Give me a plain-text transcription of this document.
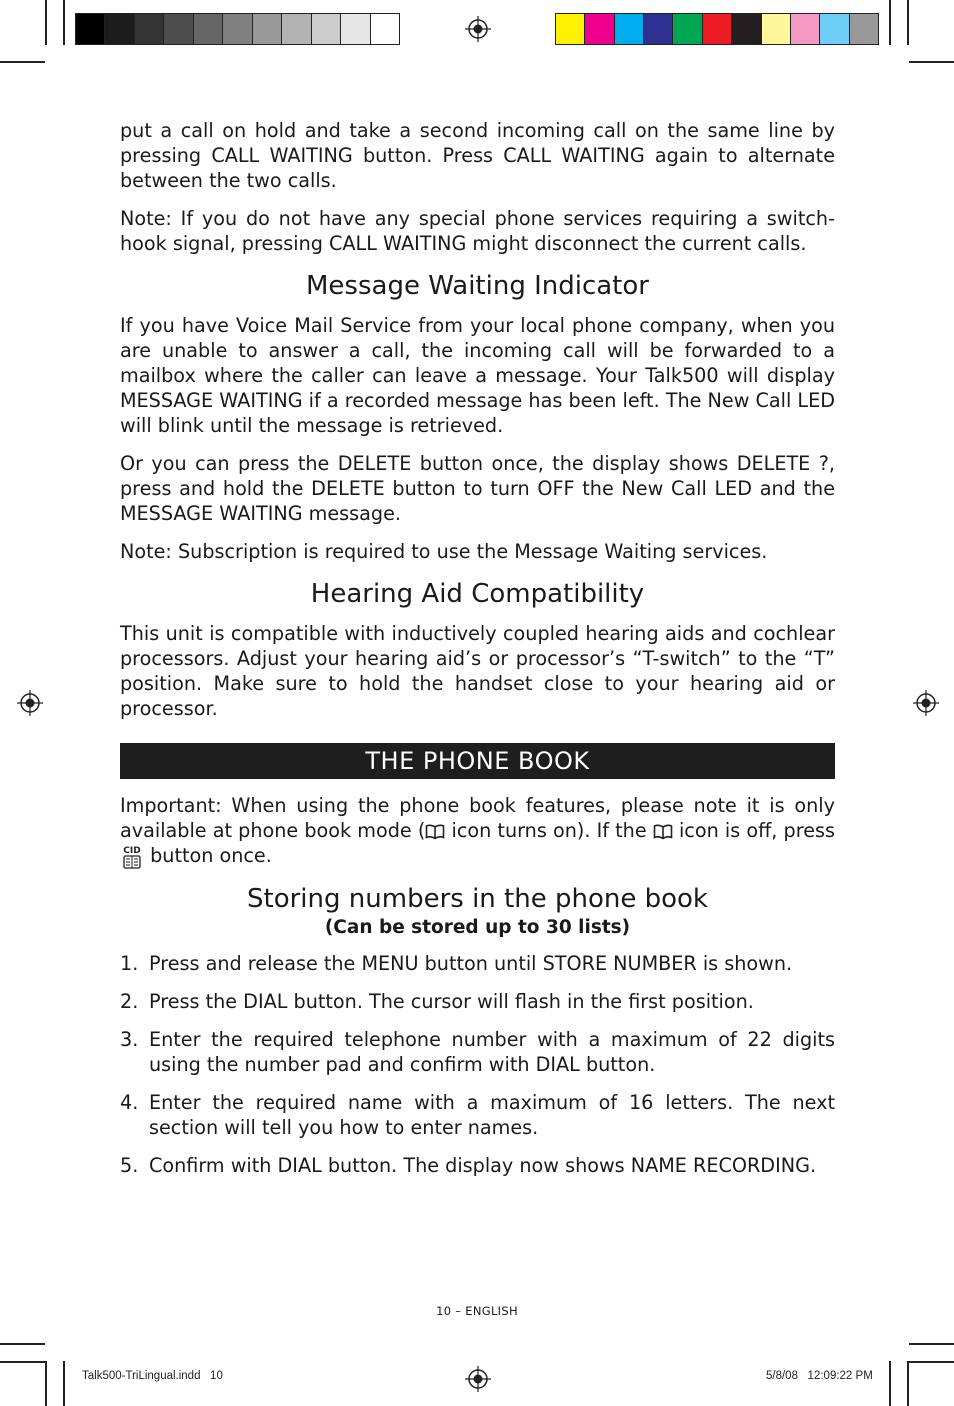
Talk500-TriLingual.indd   10	5/8/08   12:09:22 PM

put a call on hold and take a second incoming call on the same line by pressing CALL WAITING button. Press CALL WAITING again to alternate between the two calls.

Note: If you do not have any special phone services requiring a switch-hook signal, pressing CALL WAITING might disconnect the current calls.

Message Waiting Indicator

If you have Voice Mail Service from your local phone company, when you are unable to answer a call, the incoming call will be forwarded to a mailbox where the caller can leave a message. Your Talk500 will display MESSAGE WAITING if a recorded message has been left. The New Call LED will blink until the message is retrieved.

Or you can press the DELETE button once, the display shows DELETE ?, press and hold the DELETE button to turn OFF the New Call LED and the MESSAGE WAITING message.

Note: Subscription is required to use the Message Waiting services.

Hearing Aid Compatibility

This unit is compatible with inductively coupled hearing aids and cochlear processors. Adjust your hearing aid’s or processor’s “T-switch” to the “T” position. Make sure to hold the handset close to your hearing aid or processor.

THE PHONE BOOK

Important: When using the phone book features, please note it is only available at phone book mode ( icon turns on). If the  icon is off, press
CID button once.

Storing numbers in the phone book
(Can be stored up to 30 lists)
1. Press and release the MENU button until STORE NUMBER is shown.
2. Press the DIAL button. The cursor will flash in the first position.
3. Enter the required telephone number with a maximum of 22 digits using the number pad and confirm with DIAL button.
4. Enter the required name with a maximum of 16 letters. The next section will tell you how to enter names.
5. Confirm with DIAL button. The display now shows NAME RECORDING.
10 – ENGLISH
